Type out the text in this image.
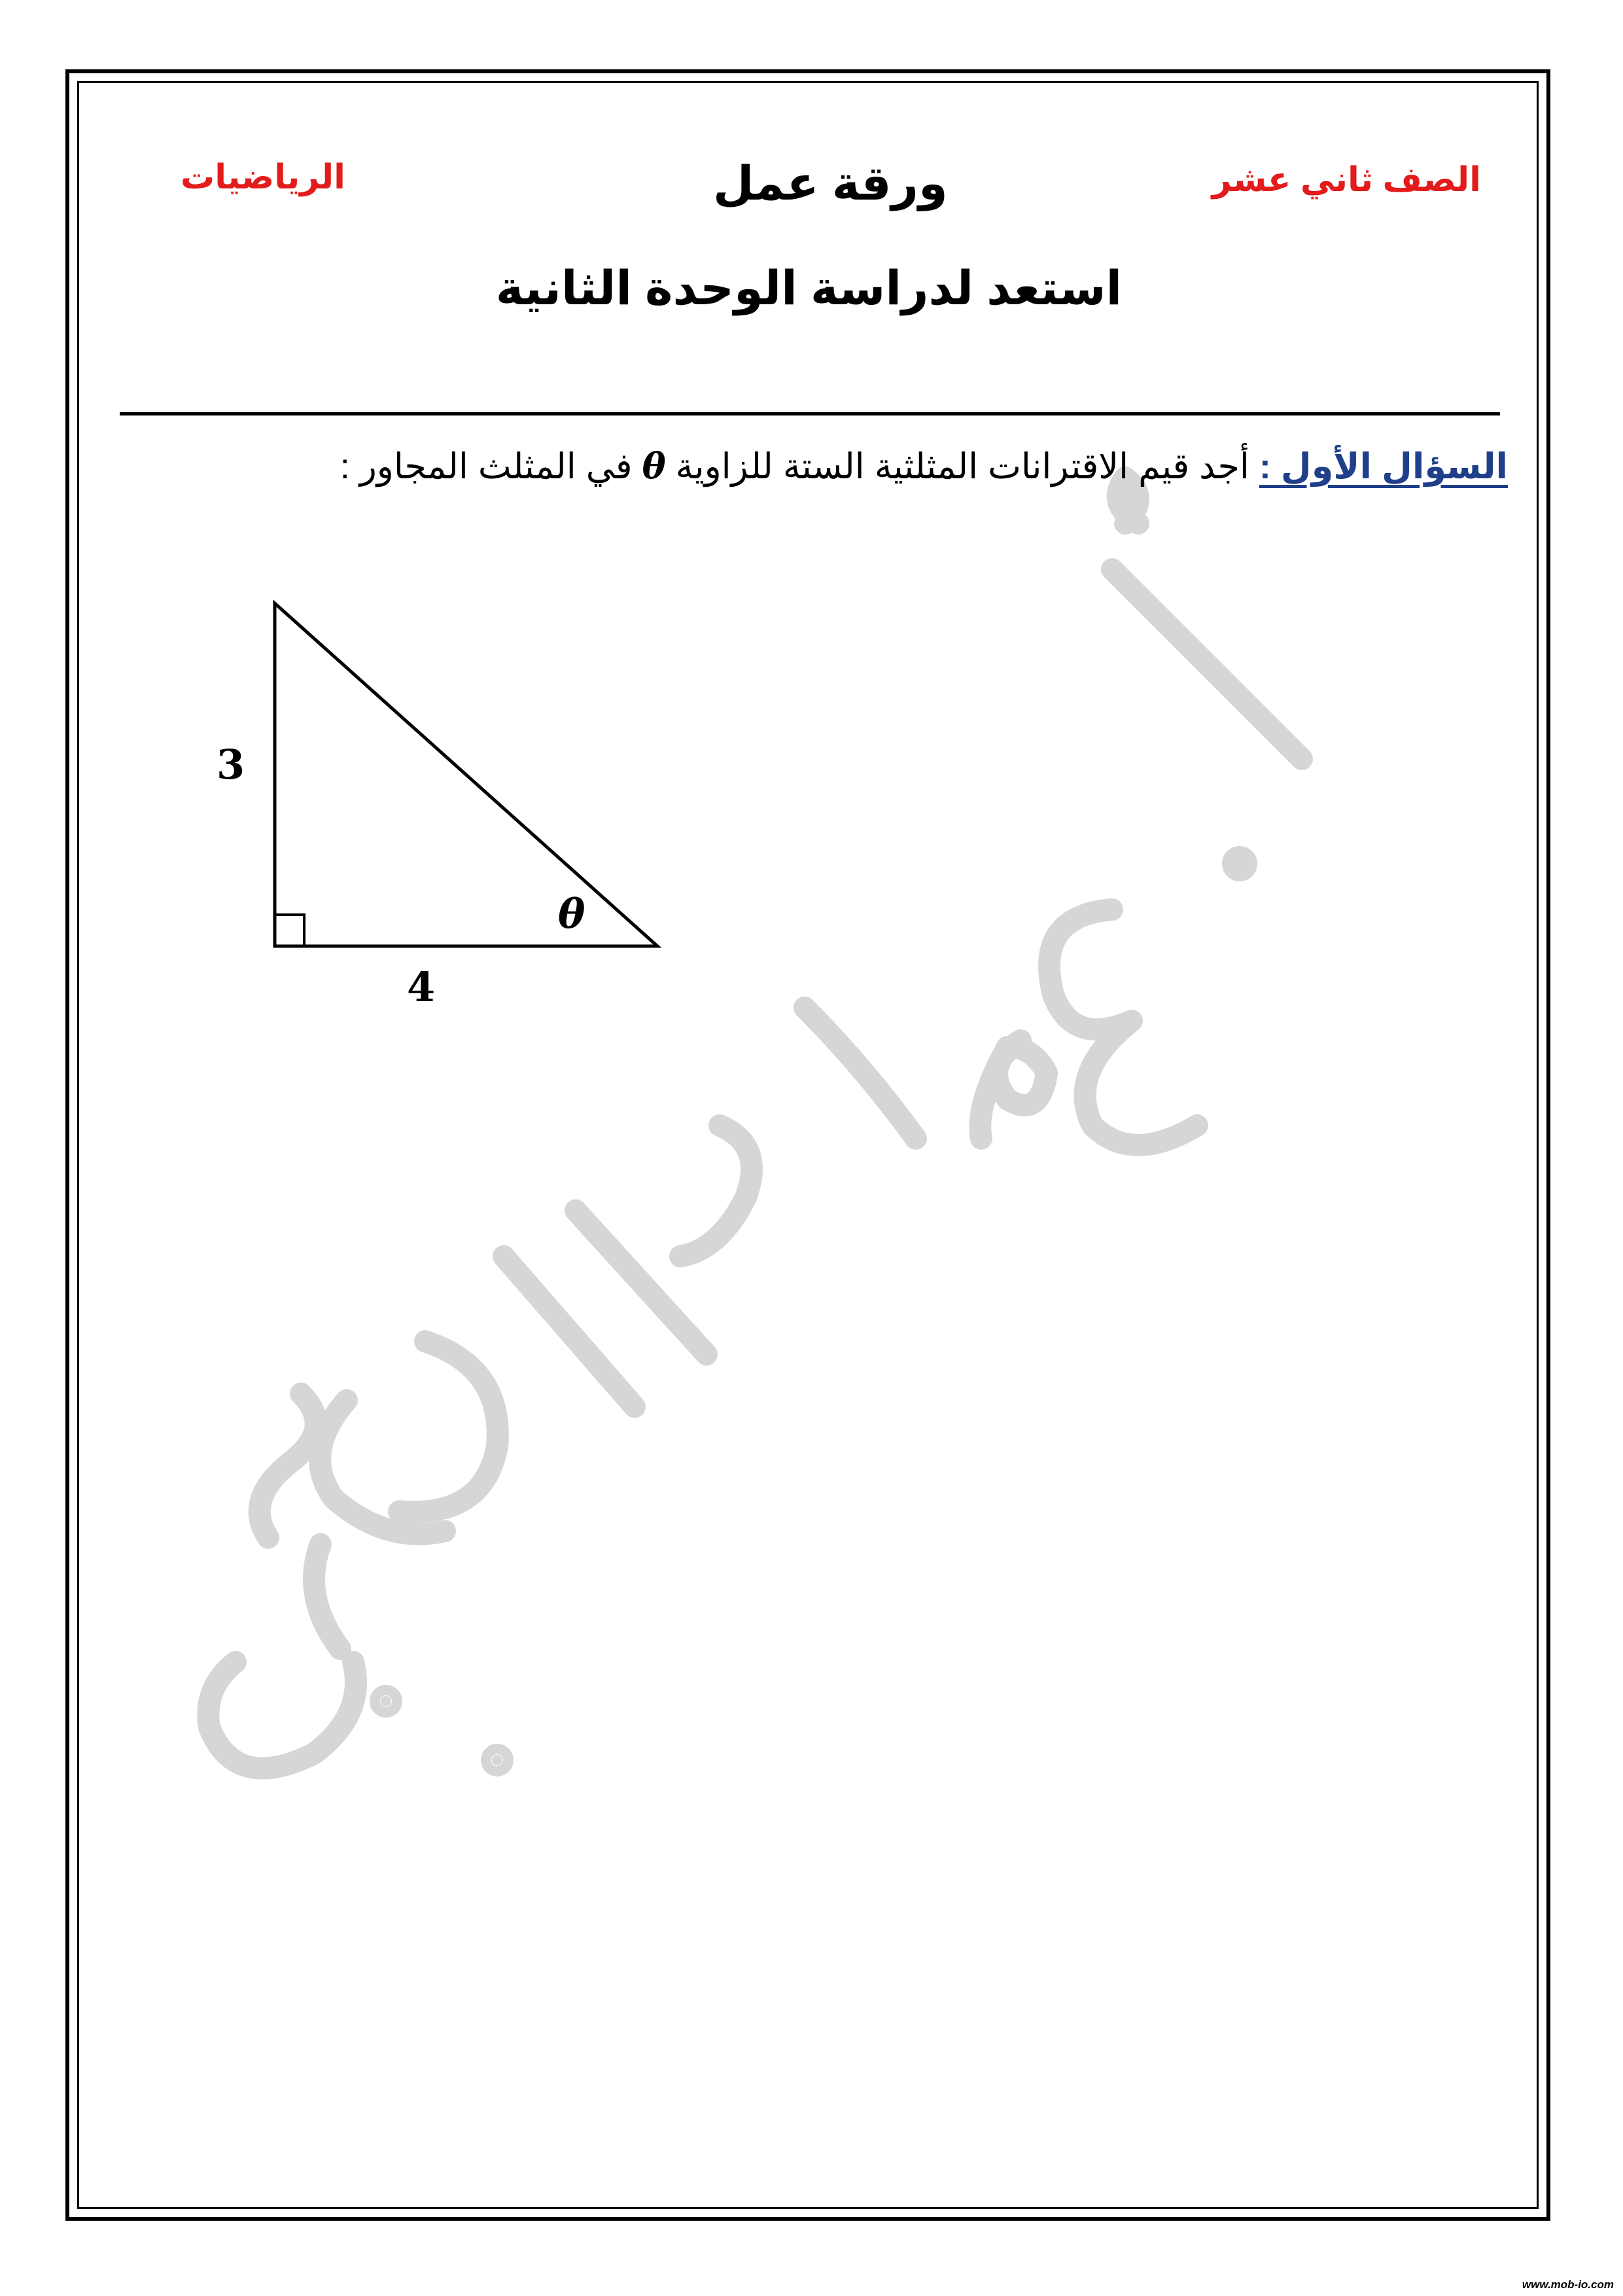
الصف ثاني عشر
ورقة عمل
الرياضيات
استعد لدراسة الوحدة الثانية
السؤال الأول : أجد قيم الاقترانات المثلثية الستة للزاوية θ في المثلث المجاور :
3
4
θ
www.mob-io.com
